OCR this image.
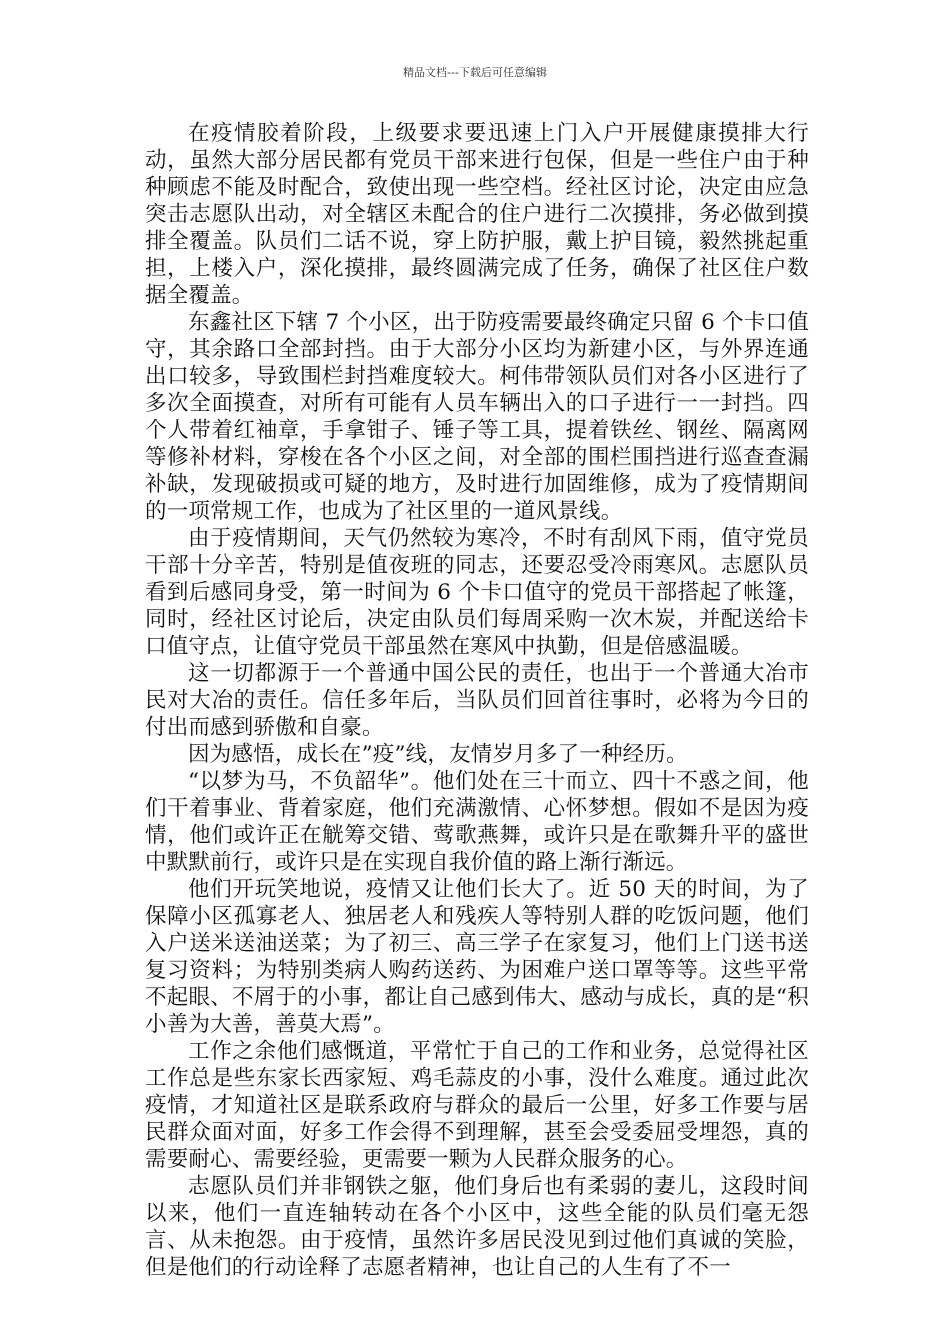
精品文档---下载后可任意编辑

在疫情胶着阶段，上级要求要迅速上门入户开展健康摸排大行动，虽然大部分居民都有党员干部来进行包保，但是一些住户由于种种顾虑不能及时配合，致使出现一些空档。经社区讨论，决定由应急突击志愿队出动，对全辖区未配合的住户进行二次摸排，务必做到摸排全覆盖。队员们二话不说，穿上防护服，戴上护目镜，毅然挑起重担，上楼入户，深化摸排，最终圆满完成了任务，确保了社区住户数据全覆盖。

东鑫社区下辖 7 个小区，出于防疫需要最终确定只留 6 个卡口值守，其余路口全部封挡。由于大部分小区均为新建小区，与外界连通出口较多，导致围栏封挡难度较大。柯伟带领队员们对各小区进行了多次全面摸查，对所有可能有人员车辆出入的口子进行一一封挡。四个人带着红袖章，手拿钳子、锤子等工具，提着铁丝、钢丝、隔离网等修补材料，穿梭在各个小区之间，对全部的围栏围挡进行巡查查漏补缺，发现破损或可疑的地方，及时进行加固维修，成为了疫情期间的一项常规工作，也成为了社区里的一道风景线。

由于疫情期间，天气仍然较为寒冷，不时有刮风下雨，值守党员干部十分辛苦，特别是值夜班的同志，还要忍受冷雨寒风。志愿队员看到后感同身受，第一时间为 6 个卡口值守的党员干部搭起了帐篷，同时，经社区讨论后，决定由队员们每周采购一次木炭，并配送给卡口值守点，让值守党员干部虽然在寒风中执勤，但是倍感温暖。

这一切都源于一个普通中国公民的责任，也出于一个普通大冶市民对大冶的责任。信任多年后，当队员们回首往事时，必将为今日的付出而感到骄傲和自豪。

因为感悟，成长在”疫”线，友情岁月多了一种经历。

“以梦为马，不负韶华”。他们处在三十而立、四十不惑之间，他们干着事业、背着家庭，他们充满激情、心怀梦想。假如不是因为疫情，他们或许正在觥筹交错、莺歌燕舞，或许只是在歌舞升平的盛世中默默前行，或许只是在实现自我价值的路上渐行渐远。

他们开玩笑地说，疫情又让他们长大了。近 50 天的时间，为了保障小区孤寡老人、独居老人和残疾人等特别人群的吃饭问题，他们入户送米送油送菜；为了初三、高三学子在家复习，他们上门送书送复习资料；为特别类病人购药送药、为困难户送口罩等等。这些平常不起眼、不屑于的小事，都让自己感到伟大、感动与成长，真的是“积小善为大善，善莫大焉”。

工作之余他们感慨道，平常忙于自己的工作和业务，总觉得社区工作总是些东家长西家短、鸡毛蒜皮的小事，没什么难度。通过此次疫情，才知道社区是联系政府与群众的最后一公里，好多工作要与居民群众面对面，好多工作会得不到理解，甚至会受委屈受埋怨，真的需要耐心、需要经验，更需要一颗为人民群众服务的心。

志愿队员们并非钢铁之躯，他们身后也有柔弱的妻儿，这段时间以来，他们一直连轴转动在各个小区中，这些全能的队员们毫无怨言、从未抱怨。由于疫情，虽然许多居民没见到过他们真诚的笑脸，但是他们的行动诠释了志愿者精神，也让自己的人生有了不一
